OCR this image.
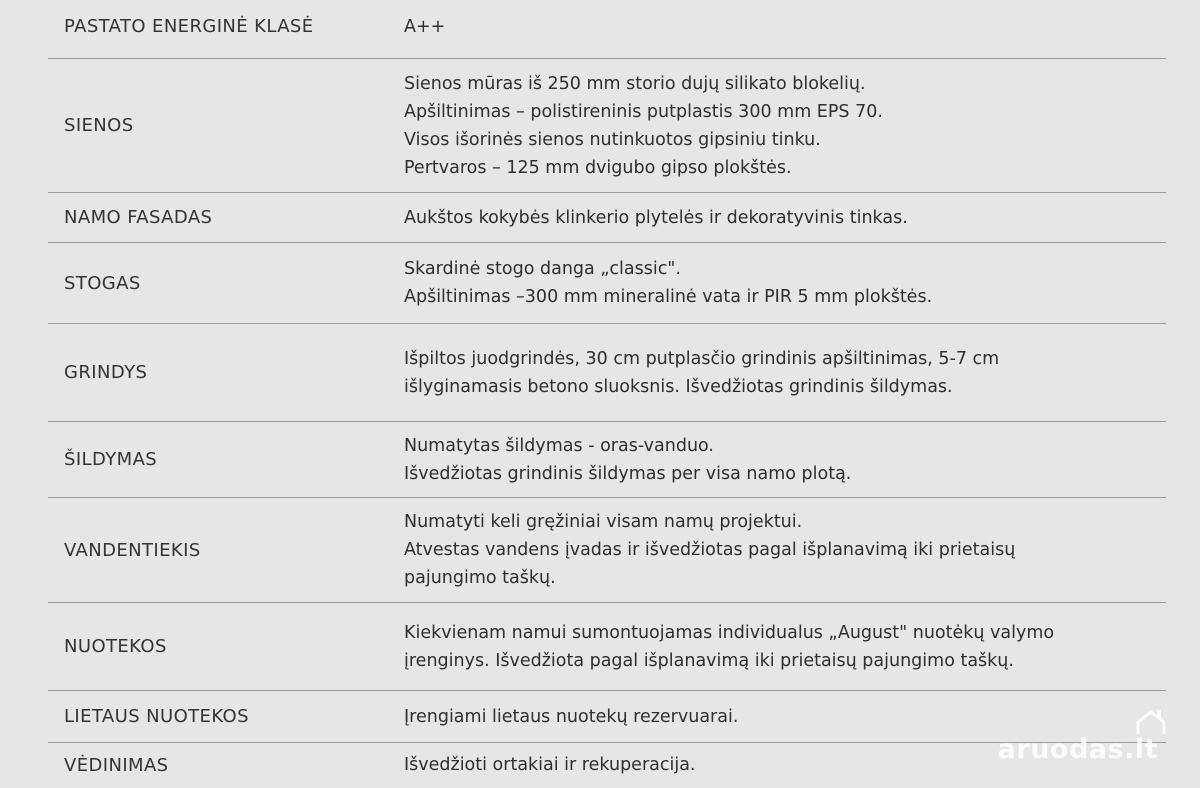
PASTATO ENERGINĖ KLASĖ	A++

SIENOS	Sienos mūras iš 250 mm storio dujų silikato blokelių.
Apšiltinimas – polistireninis putplastis 300 mm EPS 70.
Visos išorinės sienos nutinkuotos gipsiniu tinku.
Pertvaros – 125 mm dvigubo gipso plokštės.

NAMO FASADAS	Aukštos kokybės klinkerio plytelės ir dekoratyvinis tinkas.

STOGAS	Skardinė stogo danga „classic".
Apšiltinimas –300 mm mineralinė vata ir PIR 5 mm plokštės.

GRINDYS	Išpiltos juodgrindės, 30 cm putplasčio grindinis apšiltinimas, 5-7 cm
išlyginamasis betono sluoksnis. Išvedžiotas grindinis šildymas.

ŠILDYMAS	Numatytas šildymas - oras-vanduo.
Išvedžiotas grindinis šildymas per visa namo plotą.

VANDENTIEKIS	Numatyti keli gręžiniai visam namų projektui.
Atvestas vandens įvadas ir išvedžiotas pagal išplanavimą iki prietaisų
pajungimo taškų.

NUOTEKOS	Kiekvienam namui sumontuojamas individualus „August" nuotėkų valymo
įrenginys. Išvedžiota pagal išplanavimą iki prietaisų pajungimo taškų.

LIETAUS NUOTEKOS	Įrengiami lietaus nuotekų rezervuarai.

VĖDINIMAS	Išvedžioti ortakiai ir rekuperacija.
aruodas.lt
